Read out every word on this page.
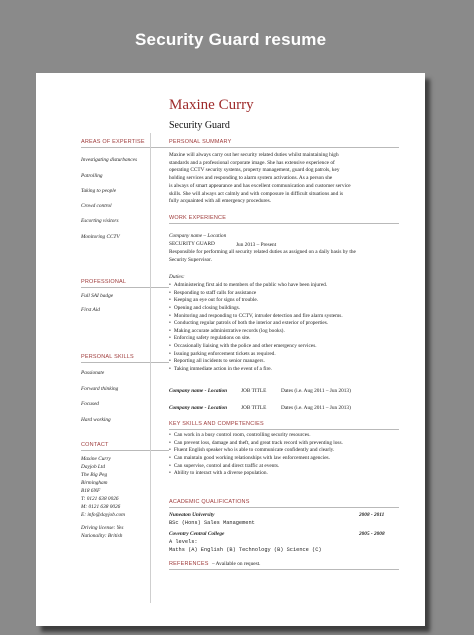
Security Guard resume
AREAS OF EXPERTISE
Investigating disturbances
Patrolling
Taking to people
Crowd control
Escorting visitors
Monitoring CCTV
PROFESSIONAL
Full SAI badge
First Aid
PERSONAL SKILLS
Passionate
Forward thinking
Focused
Hard working
CONTACT
Maxine Curry
Dayjob Ltd
The Big Peg
Birmingham
B18 6NF
T: 0121 638 0026
M: 0121 638 0026
E: info@dayjob.com
Driving license: Yes
Nationality: British
Maxine Curry
Security Guard
PERSONAL SUMMARY
Maxine will always carry out her security related duties whilst maintaining high
standards and a professional corporate image. She has extensive experience of
operating CCTV security systems, property management, guard dog patrols, key
holding services and responding to alarm system activations. As a person she
is always of smart appearance and has excellent communication and customer service
skills. She will always act calmly and with composure in difficult situations and is
fully acquainted with all emergency procedures.
WORK EXPERIENCE
Company name – Location
SECURITY GUARD	Jun 2013 – Present
Responsible for performing all security related duties as assigned on a daily basis by the
Security Supervisor.
Duties:
• Administering first aid to members of the public who have been injured.
• Responding to staff calls for assistance
• Keeping an eye out for signs of trouble.
• Opening and closing buildings.
• Monitoring and responding to CCTV, intruder detection and fire alarm systems.
• Conducting regular patrols of both the interior and exterior of properties.
• Making accurate administrative records (log books).
• Enforcing safety regulations on site.
• Occasionally liaising with the police and other emergency services.
• Issuing parking enforcement tickets as required.
• Reporting all incidents to senior managers.
• Taking immediate action in the event of a fire.
Company name - Location	JOB TITLE	Dates (i.e. Aug 2011 – Jun 2013)
Company name - Location	JOB TITLE	Dates (i.e. Aug 2011 – Jun 2013)
KEY SKILLS AND COMPETENCIES
• Can work in a busy control room, controlling security resources.
• Can prevent loss, damage and theft, and great track record with preventing loss.
• Fluent English speaker who is able to communicate confidently and clearly.
• Can maintain good working relationships with law enforcement agencies.
• Can supervise, control and direct traffic at events.
• Ability to interact with a diverse population.
ACADEMIC QUALIFICATIONS
Nuneaton University	2008 - 2011
BSc (Hons) Sales Management
Coventry Central College	2005 - 2008
A levels:
Maths (A) English (B) Technology (B) Science (C)
REFERENCES – Available on request.
